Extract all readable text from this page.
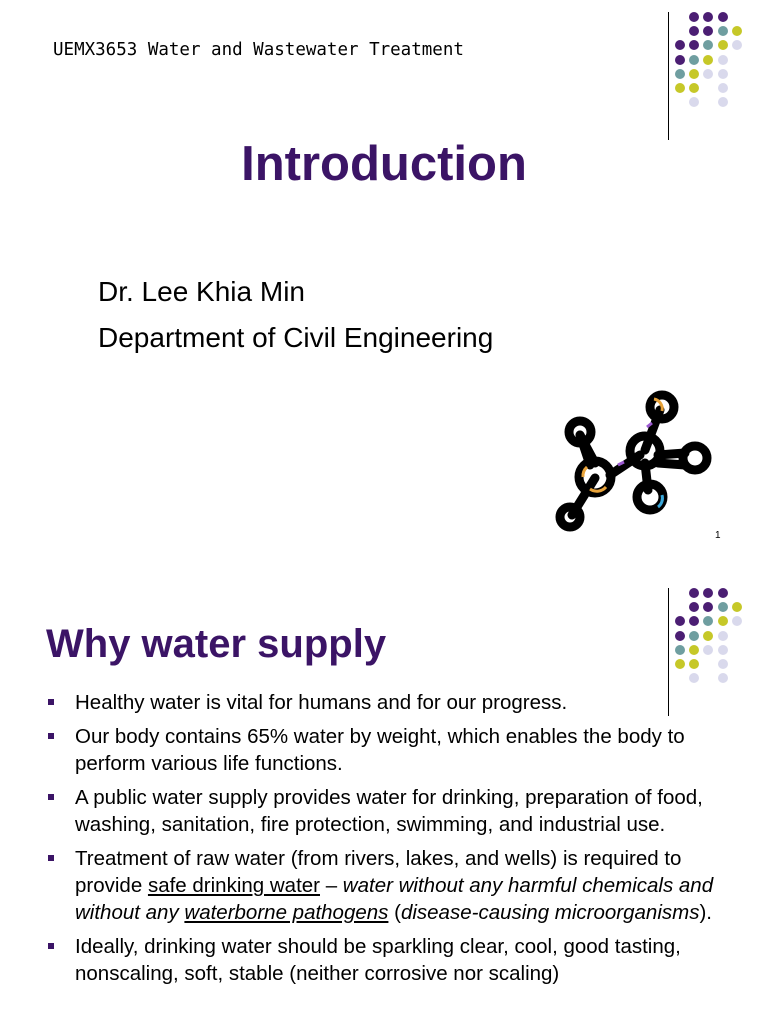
UEMX3653 Water and Wastewater Treatment
Introduction
Dr. Lee Khia Min
Department of Civil Engineering
1
Why water supply
Healthy water is vital for humans and for our progress.
Our body contains 65% water by weight, which enables the body to perform various life functions.
A public water supply provides water for drinking, preparation of food, washing, sanitation, fire protection, swimming, and industrial use.
Treatment of raw water (from rivers, lakes, and wells) is required to provide safe drinking water – water without any harmful chemicals and without any waterborne pathogens (disease-causing microorganisms).
Ideally, drinking water should be sparkling clear, cool, good tasting, nonscaling, soft, stable (neither corrosive nor scaling)
